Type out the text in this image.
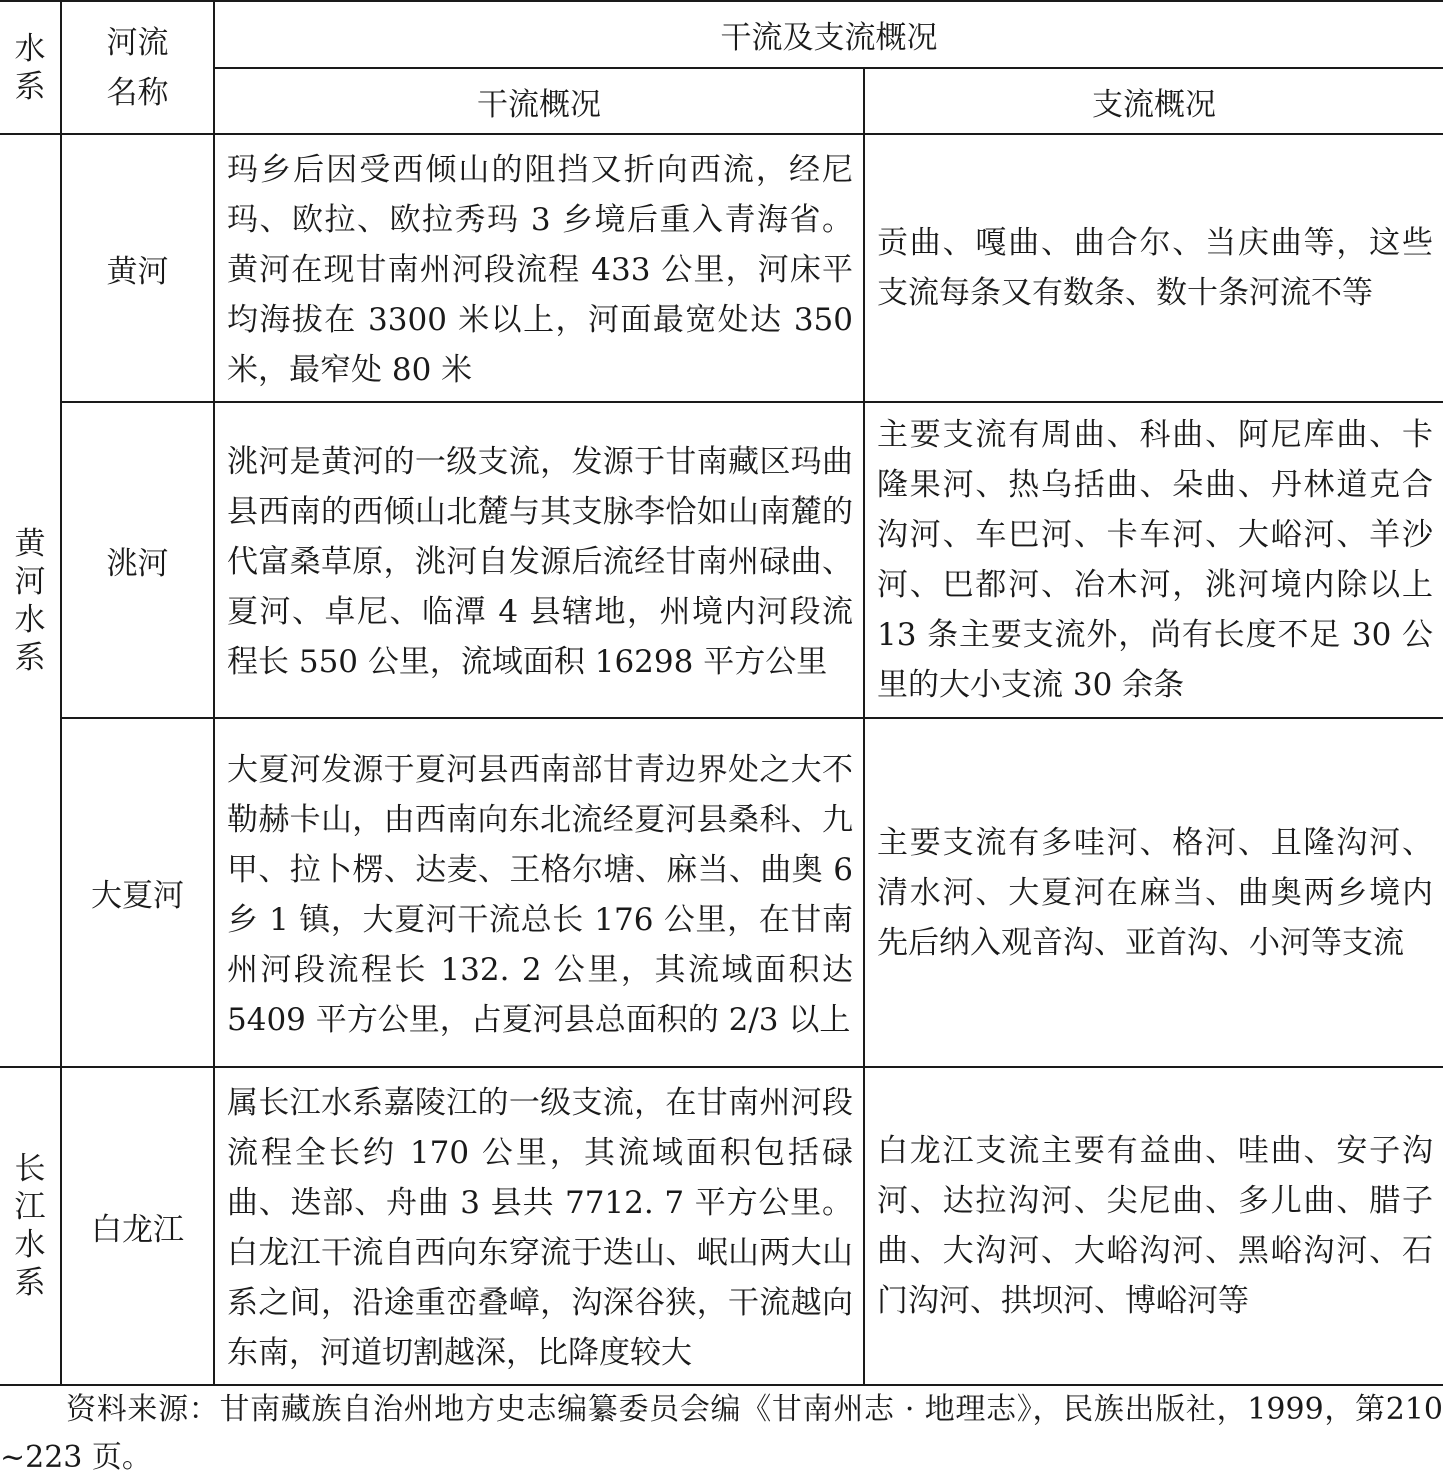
水系	河流名称	干流及支流概况	
		干流概况	支流概况
黄河水系	黄河	玛乡后因受西倾山的阻挡又折向西流，经尼玛、欧拉、欧拉秀玛 3 乡境后重入青海省。黄河在现甘南州河段流程 433 公里，河床平均海拔在 3300 米以上，河面最宽处达 350 米，最窄处 80 米	贡曲、嘎曲、曲合尔、当庆曲等，这些支流每条又有数条、数十条河流不等
	洮河	洮河是黄河的一级支流，发源于甘南藏区玛曲县西南的西倾山北麓与其支脉李恰如山南麓的代富桑草原，洮河自发源后流经甘南州碌曲、夏河、卓尼、临潭 4 县辖地，州境内河段流程长 550 公里，流域面积 16298 平方公里	主要支流有周曲、科曲、阿尼库曲、卡隆果河、热乌括曲、朵曲、丹林道克合沟河、车巴河、卡车河、大峪河、羊沙河、巴都河、冶木河，洮河境内除以上 13 条主要支流外，尚有长度不足 30 公里的大小支流 30 余条
	大夏河	大夏河发源于夏河县西南部甘青边界处之大不勒赫卡山，由西南向东北流经夏河县桑科、九甲、拉卜楞、达麦、王格尔塘、麻当、曲奥 6 乡 1 镇，大夏河干流总长 176 公里，在甘南州河段流程长 132. 2 公里，其流域面积达 5409 平方公里，占夏河县总面积的 2/3 以上	主要支流有多哇河、格河、且隆沟河、清水河、大夏河在麻当、曲奥两乡境内先后纳入观音沟、亚首沟、小河等支流
长江水系	白龙江	属长江水系嘉陵江的一级支流，在甘南州河段流程全长约 170 公里，其流域面积包括碌曲、迭部、舟曲 3 县共 7712. 7 平方公里。白龙江干流自西向东穿流于迭山、岷山两大山系之间，沿途重峦叠嶂，沟深谷狭，干流越向东南，河道切割越深，比降度较大	白龙江支流主要有益曲、哇曲、安子沟河、达拉沟河、尖尼曲、多儿曲、腊子曲、大沟河、大峪沟河、黑峪沟河、石门沟河、拱坝河、博峪河等
资料来源：甘南藏族自治州地方史志编纂委员会编《甘南州志 · 地理志》，民族出版社，1999，第210 ~223 页。
